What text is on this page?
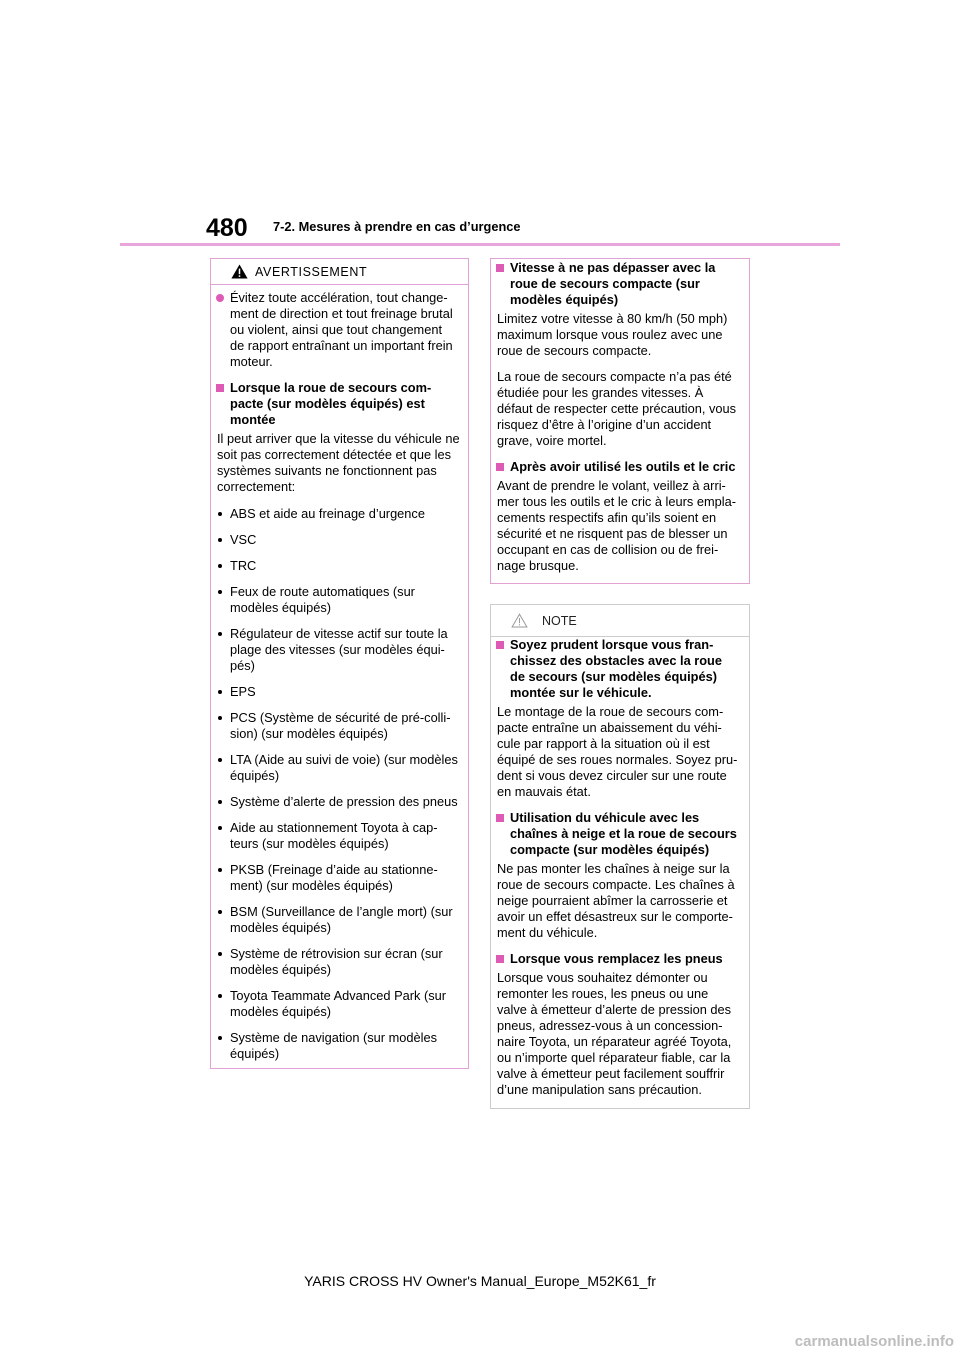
480 7-2. Mesures à prendre en cas d’urgence
AVERTISSEMENT
Évitez toute accélération, tout change-
ment de direction et tout freinage brutal
ou violent, ainsi que tout changement
de rapport entraînant un important frein
moteur.
Lorsque la roue de secours com-
pacte (sur modèles équipés) est
montée
Il peut arriver que la vitesse du véhicule ne
soit pas correctement détectée et que les
systèmes suivants ne fonctionnent pas
correctement:
ABS et aide au freinage d’urgence
VSC
TRC
Feux de route automatiques (sur
modèles équipés)
Régulateur de vitesse actif sur toute la
plage des vitesses (sur modèles équi-
pés)
EPS
PCS (Système de sécurité de pré-colli-
sion) (sur modèles équipés)
LTA (Aide au suivi de voie) (sur modèles
équipés)
Système d’alerte de pression des pneus
Aide au stationnement Toyota à cap-
teurs (sur modèles équipés)
PKSB (Freinage d’aide au stationne-
ment) (sur modèles équipés)
BSM (Surveillance de l’angle mort) (sur
modèles équipés)
Système de rétrovision sur écran (sur
modèles équipés)
Toyota Teammate Advanced Park (sur
modèles équipés)
Système de navigation (sur modèles
équipés)
Vitesse à ne pas dépasser avec la
roue de secours compacte (sur
modèles équipés)
Limitez votre vitesse à 80 km/h (50 mph)
maximum lorsque vous roulez avec une
roue de secours compacte.
La roue de secours compacte n’a pas été
étudiée pour les grandes vitesses. À
défaut de respecter cette précaution, vous
risquez d’être à l’origine d’un accident
grave, voire mortel.
Après avoir utilisé les outils et le cric
Avant de prendre le volant, veillez à arri-
mer tous les outils et le cric à leurs empla-
cements respectifs afin qu’ils soient en
sécurité et ne risquent pas de blesser un
occupant en cas de collision ou de frei-
nage brusque.
NOTE
Soyez prudent lorsque vous fran-
chissez des obstacles avec la roue
de secours (sur modèles équipés)
montée sur le véhicule.
Le montage de la roue de secours com-
pacte entraîne un abaissement du véhi-
cule par rapport à la situation où il est
équipé de ses roues normales. Soyez pru-
dent si vous devez circuler sur une route
en mauvais état.
Utilisation du véhicule avec les
chaînes à neige et la roue de secours
compacte (sur modèles équipés)
Ne pas monter les chaînes à neige sur la
roue de secours compacte. Les chaînes à
neige pourraient abîmer la carrosserie et
avoir un effet désastreux sur le comporte-
ment du véhicule.
Lorsque vous remplacez les pneus
Lorsque vous souhaitez démonter ou
remonter les roues, les pneus ou une
valve à émetteur d’alerte de pression des
pneus, adressez-vous à un concession-
naire Toyota, un réparateur agréé Toyota,
ou n’importe quel réparateur fiable, car la
valve à émetteur peut facilement souffrir
d’une manipulation sans précaution.
YARIS CROSS HV Owner's Manual_Europe_M52K61_fr
carmanualsonline.info
